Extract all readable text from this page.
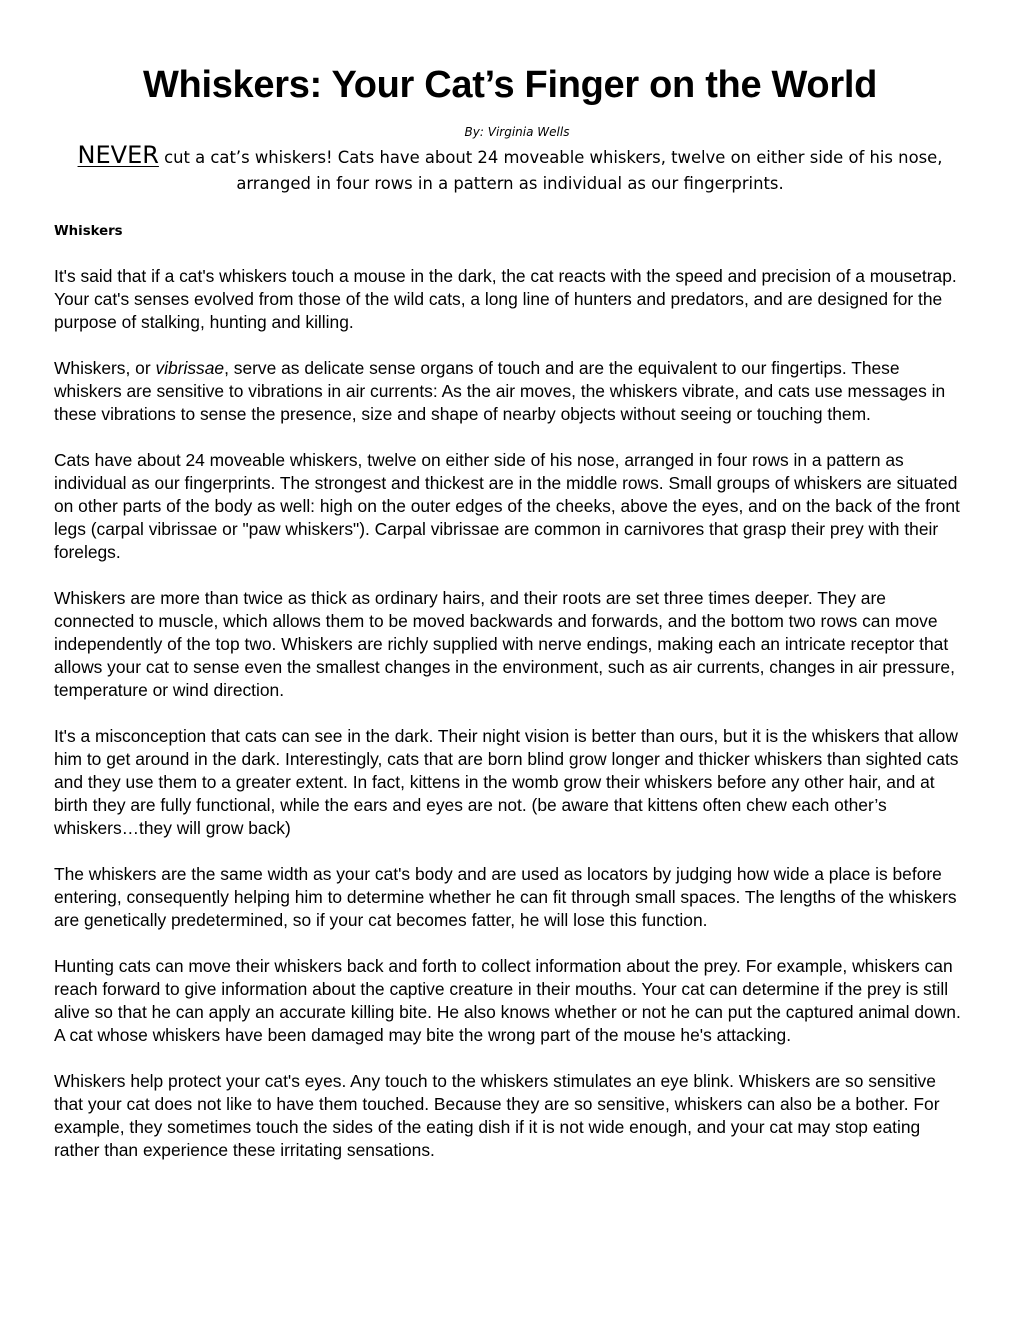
Whiskers: Your Cat’s Finger on the World
By: Virginia Wells

NEVER cut a cat’s whiskers! Cats have about 24 moveable whiskers, twelve on either side of his nose, arranged in four rows in a pattern as individual as our fingerprints.

Whiskers

It's said that if a cat's whiskers touch a mouse in the dark, the cat reacts with the speed and precision of a mousetrap. Your cat's senses evolved from those of the wild cats, a long line of hunters and predators, and are designed for the purpose of stalking, hunting and killing.

Whiskers, or vibrissae, serve as delicate sense organs of touch and are the equivalent to our fingertips. These whiskers are sensitive to vibrations in air currents: As the air moves, the whiskers vibrate, and cats use messages in these vibrations to sense the presence, size and shape of nearby objects without seeing or touching them.

Cats have about 24 moveable whiskers, twelve on either side of his nose, arranged in four rows in a pattern as individual as our fingerprints. The strongest and thickest are in the middle rows. Small groups of whiskers are situated on other parts of the body as well: high on the outer edges of the cheeks, above the eyes, and on the back of the front legs (carpal vibrissae or "paw whiskers"). Carpal vibrissae are common in carnivores that grasp their prey with their forelegs.

Whiskers are more than twice as thick as ordinary hairs, and their roots are set three times deeper. They are connected to muscle, which allows them to be moved backwards and forwards, and the bottom two rows can move independently of the top two. Whiskers are richly supplied with nerve endings, making each an intricate receptor that allows your cat to sense even the smallest changes in the environment, such as air currents, changes in air pressure, temperature or wind direction.

It's a misconception that cats can see in the dark. Their night vision is better than ours, but it is the whiskers that allow him to get around in the dark. Interestingly, cats that are born blind grow longer and thicker whiskers than sighted cats and they use them to a greater extent. In fact, kittens in the womb grow their whiskers before any other hair, and at birth they are fully functional, while the ears and eyes are not. (be aware that kittens often chew each other’s whiskers…they will grow back)

The whiskers are the same width as your cat's body and are used as locators by judging how wide a place is before entering, consequently helping him to determine whether he can fit through small spaces. The lengths of the whiskers are genetically predetermined, so if your cat becomes fatter, he will lose this function.

Hunting cats can move their whiskers back and forth to collect information about the prey. For example, whiskers can reach forward to give information about the captive creature in their mouths. Your cat can determine if the prey is still alive so that he can apply an accurate killing bite. He also knows whether or not he can put the captured animal down. A cat whose whiskers have been damaged may bite the wrong part of the mouse he's attacking.

Whiskers help protect your cat's eyes. Any touch to the whiskers stimulates an eye blink. Whiskers are so sensitive that your cat does not like to have them touched. Because they are so sensitive, whiskers can also be a bother. For example, they sometimes touch the sides of the eating dish if it is not wide enough, and your cat may stop eating rather than experience these irritating sensations.
